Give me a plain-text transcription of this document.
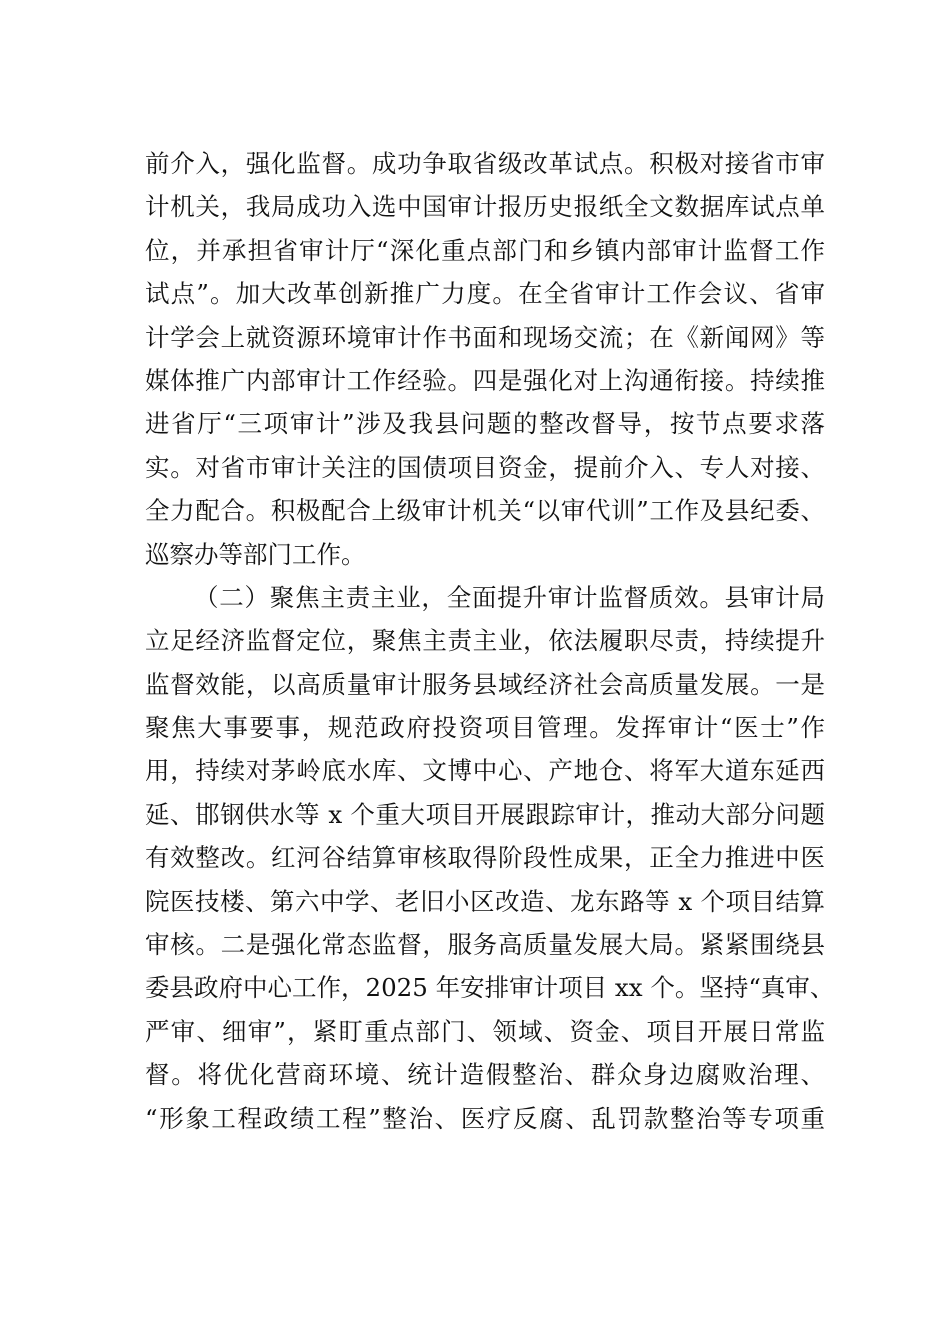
前介入，强化监督。成功争取省级改革试点。积极对接省市审
计机关，我局成功入选中国审计报历史报纸全文数据库试点单
位，并承担省审计厅“深化重点部门和乡镇内部审计监督工作
试点”。加大改革创新推广力度。在全省审计工作会议、省审
计学会上就资源环境审计作书面和现场交流；在《新闻网》等
媒体推广内部审计工作经验。四是强化对上沟通衔接。持续推
进省厅“三项审计”涉及我县问题的整改督导，按节点要求落
实。对省市审计关注的国债项目资金，提前介入、专人对接、
全力配合。积极配合上级审计机关“以审代训”工作及县纪委、
巡察办等部门工作。
（二）聚焦主责主业，全面提升审计监督质效。县审计局
立足经济监督定位，聚焦主责主业，依法履职尽责，持续提升
监督效能，以高质量审计服务县域经济社会高质量发展。一是
聚焦大事要事，规范政府投资项目管理。发挥审计“医士”作
用，持续对茅岭底水库、文博中心、产地仓、将军大道东延西
延、邯钢供水等 x 个重大项目开展跟踪审计，推动大部分问题
有效整改。红河谷结算审核取得阶段性成果，正全力推进中医
院医技楼、第六中学、老旧小区改造、龙东路等 x 个项目结算
审核。二是强化常态监督，服务高质量发展大局。紧紧围绕县
委县政府中心工作，2025 年安排审计项目 xx 个。坚持“真审、
严审、细审”，紧盯重点部门、领域、资金、项目开展日常监
督。将优化营商环境、统计造假整治、群众身边腐败治理、
“形象工程政绩工程”整治、医疗反腐、乱罚款整治等专项重
